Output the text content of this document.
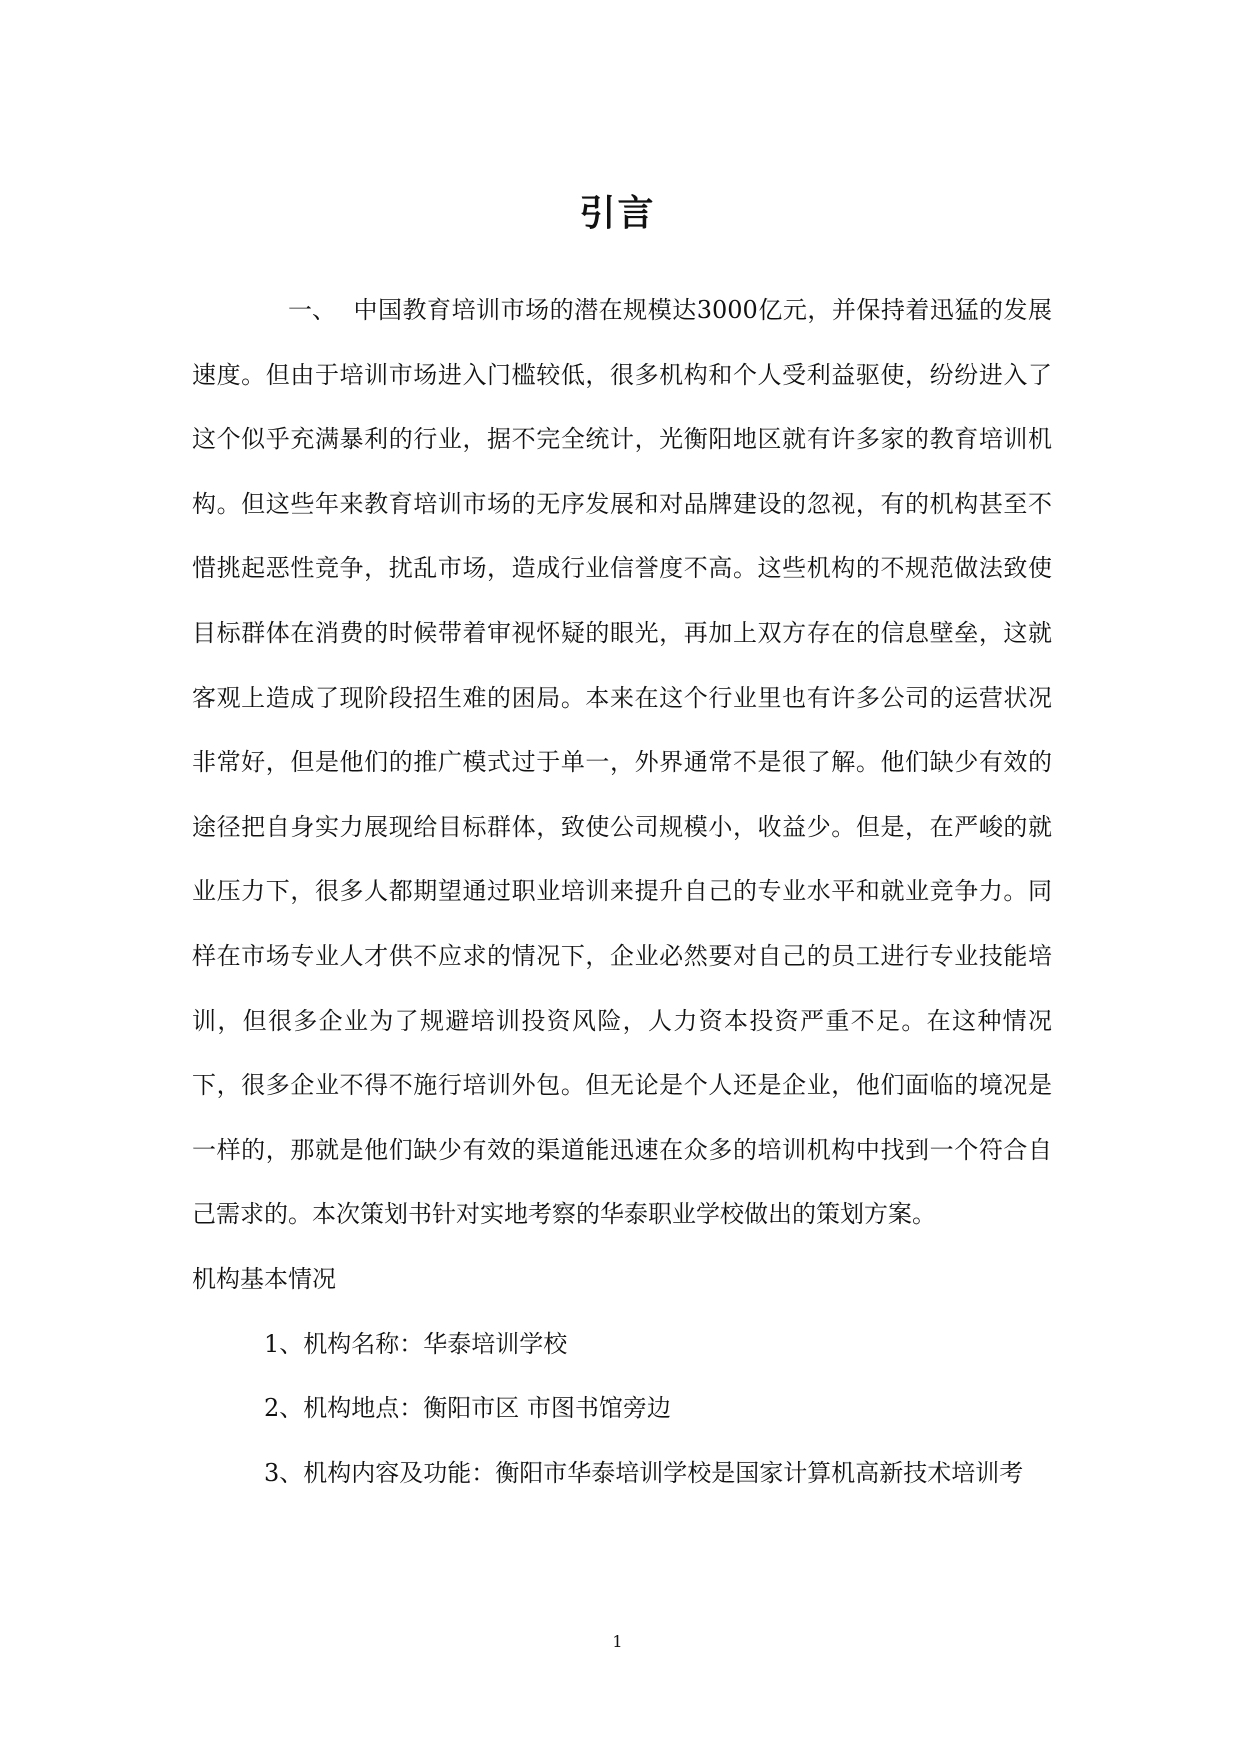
引言

一、 中国教育培训市场的潜在规模达3000亿元，并保持着迅猛的发展速度。但由于培训市场进入门槛较低，很多机构和个人受利益驱使，纷纷进入了这个似乎充满暴利的行业，据不完全统计，光衡阳地区就有许多家的教育培训机构。但这些年来教育培训市场的无序发展和对品牌建设的忽视，有的机构甚至不惜挑起恶性竞争，扰乱市场，造成行业信誉度不高。这些机构的不规范做法致使目标群体在消费的时候带着审视怀疑的眼光，再加上双方存在的信息壁垒，这就客观上造成了现阶段招生难的困局。本来在这个行业里也有许多公司的运营状况非常好，但是他们的推广模式过于单一，外界通常不是很了解。他们缺少有效的途径把自身实力展现给目标群体，致使公司规模小，收益少。但是，在严峻的就业压力下，很多人都期望通过职业培训来提升自己的专业水平和就业竞争力。同样在市场专业人才供不应求的情况下，企业必然要对自己的员工进行专业技能培训，但很多企业为了规避培训投资风险，人力资本投资严重不足。在这种情况下，很多企业不得不施行培训外包。但无论是个人还是企业，他们面临的境况是一样的，那就是他们缺少有效的渠道能迅速在众多的培训机构中找到一个符合自己需求的。本次策划书针对实地考察的华泰职业学校做出的策划方案。

机构基本情况

1、机构名称：华泰培训学校

2、机构地点：衡阳市区 市图书馆旁边

3、机构内容及功能：衡阳市华泰培训学校是国家计算机高新技术培训考

1
